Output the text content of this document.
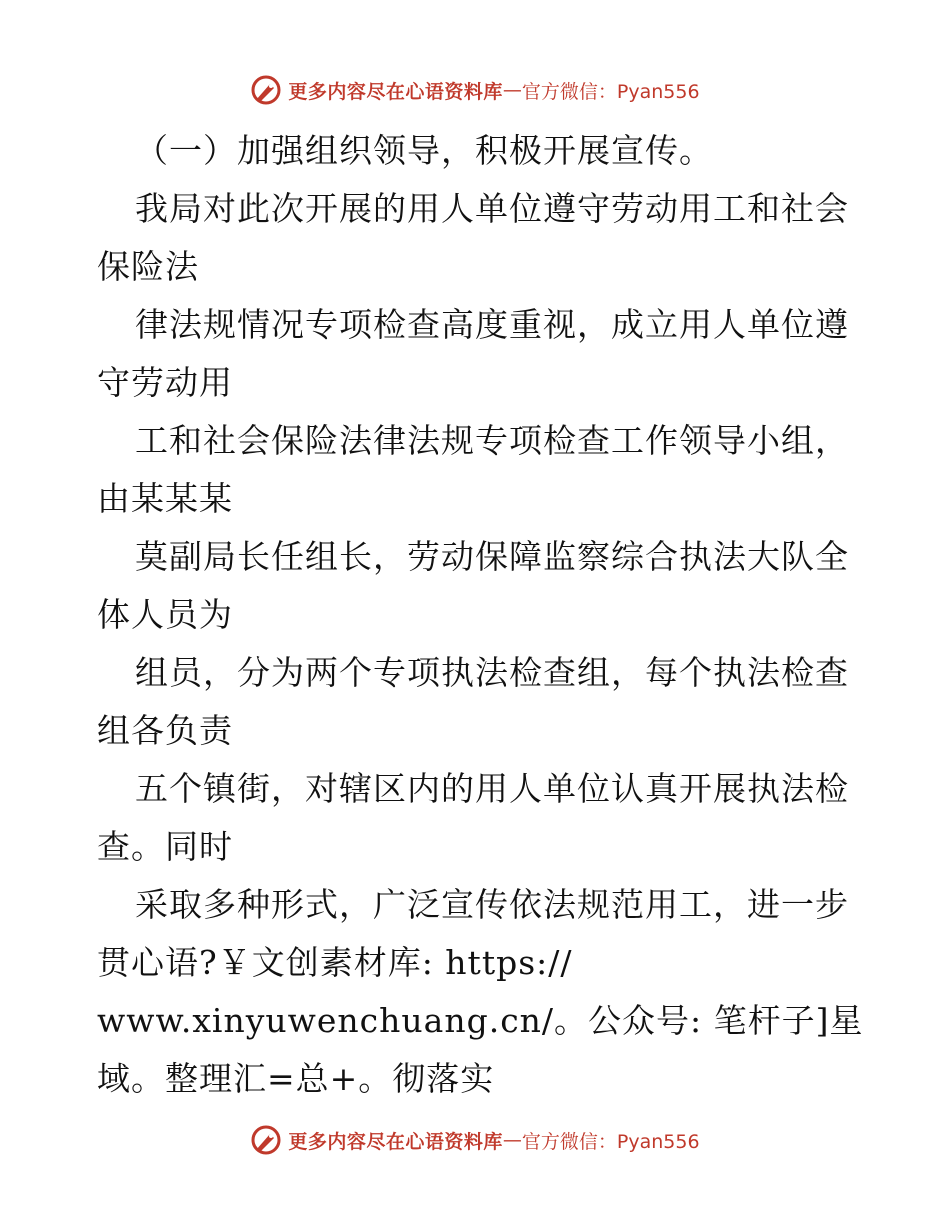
更多内容尽在心语资料库 — 官方微信：Pyan556
（一）加强组织领导，积极开展宣传。
我局对此次开展的用人单位遵守劳动用工和社会
保险法
律法规情况专项检查高度重视，成立用人单位遵
守劳动用
工和社会保险法律法规专项检查工作领导小组，
由某某某
莫副局长任组长，劳动保障监察综合执法大队全
体人员为
组员，分为两个专项执法检查组，每个执法检查
组各负责
五个镇街，对辖区内的用人单位认真开展执法检
查。同时
采取多种形式，广泛宣传依法规范用工，进一步
贯心语?￥文创素材库: https://
www.xinyuwenchuang.cn/。公众号: 笔杆子]星
域。整理汇=总+。彻落实
更多内容尽在心语资料库 — 官方微信：Pyan556
